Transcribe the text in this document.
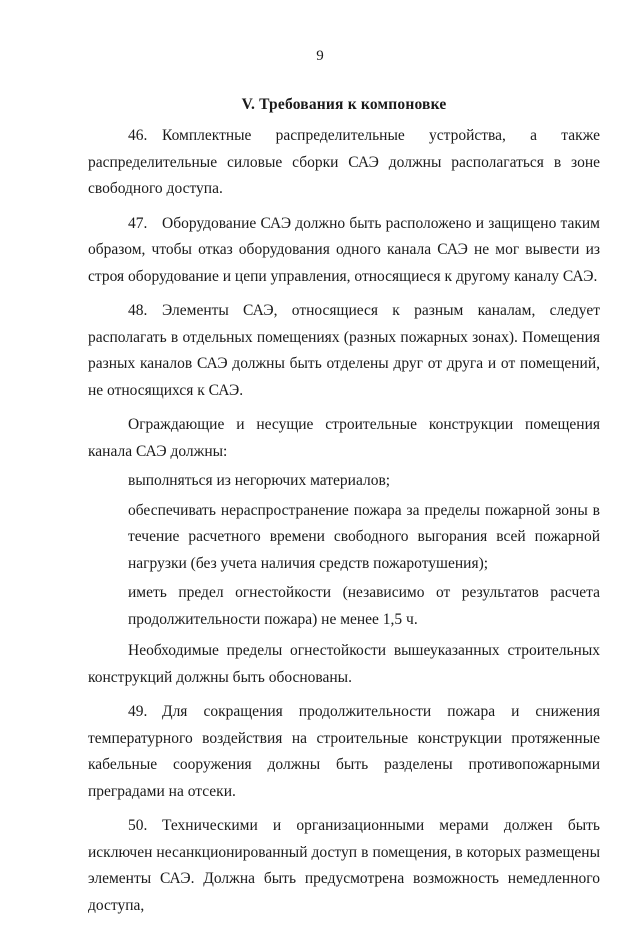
9
V. Требования к компоновке

46. Комплектные распределительные устройства, а также распределительные силовые сборки САЭ должны располагаться в зоне свободного доступа.

47. Оборудование САЭ должно быть расположено и защищено таким образом, чтобы отказ оборудования одного канала САЭ не мог вывести из строя оборудование и цепи управления, относящиеся к другому каналу САЭ.

48. Элементы САЭ, относящиеся к разным каналам, следует располагать в отдельных помещениях (разных пожарных зонах). Помещения разных каналов САЭ должны быть отделены друг от друга и от помещений, не относящихся к САЭ.

Ограждающие и несущие строительные конструкции помещения канала САЭ должны:

выполняться из негорючих материалов;

обеспечивать нераспространение пожара за пределы пожарной зоны в течение расчетного времени свободного выгорания всей пожарной нагрузки (без учета наличия средств пожаротушения);

иметь предел огнестойкости (независимо от результатов расчета продолжительности пожара) не менее 1,5 ч.

Необходимые пределы огнестойкости вышеуказанных строительных конструкций должны быть обоснованы.

49. Для сокращения продолжительности пожара и снижения температурного воздействия на строительные конструкции протяженные кабельные сооружения должны быть разделены противопожарными преградами на отсеки.

50. Техническими и организационными мерами должен быть исключен несанкционированный доступ в помещения, в которых размещены элементы САЭ. Должна быть предусмотрена возможность немедленного доступа,
